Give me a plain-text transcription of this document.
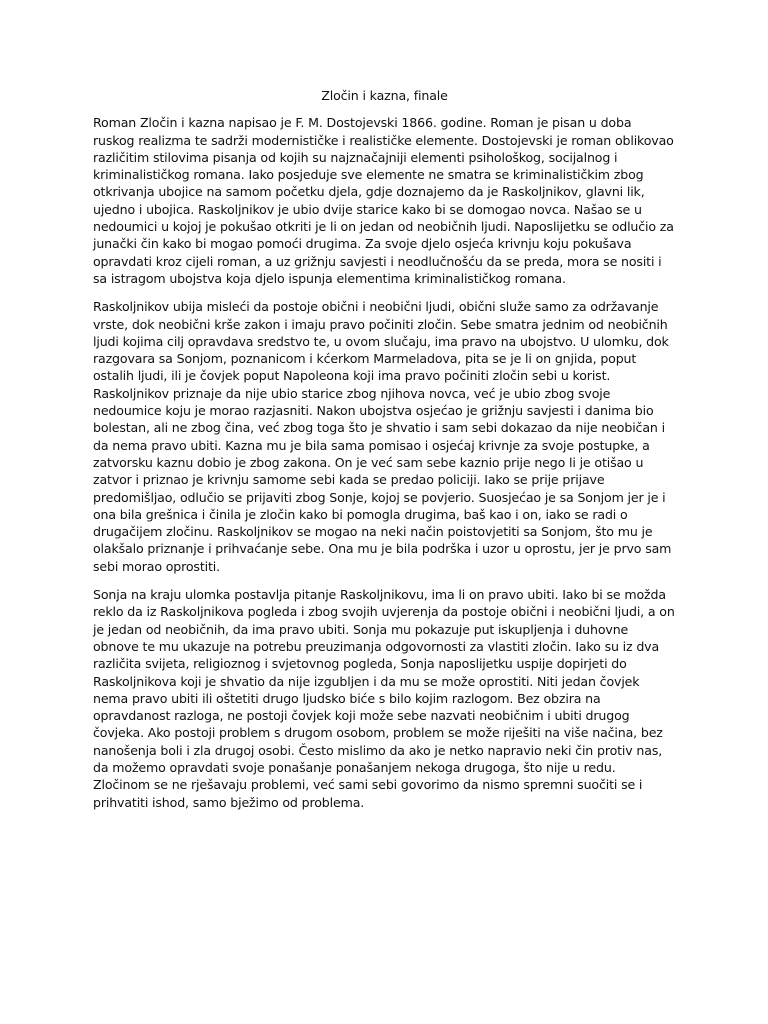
Zločin i kazna, finale

Roman Zločin i kazna napisao je F. M. Dostojevski 1866. godine. Roman je pisan u doba ruskog realizma te sadrži modernističke i realističke elemente. Dostojevski je roman oblikovao različitim stilovima pisanja od kojih su najznačajniji elementi psihološkog, socijalnog i kriminalističkog romana. Iako posjeduje sve elemente ne smatra se kriminalističkim zbog otkrivanja ubojice na samom početku djela, gdje doznajemo da je Raskoljnikov, glavni lik, ujedno i ubojica. Raskoljnikov je ubio dvije starice kako bi se domogao novca. Našao se u nedoumici u kojoj je pokušao otkriti je li on jedan od neobičnih ljudi. Naposlijetku se odlučio za junački čin kako bi mogao pomoći drugima. Za svoje djelo osjeća krivnju koju pokušava opravdati kroz cijeli roman, a uz grižnju savjesti i neodlučnošću da se preda, mora se nositi i sa istragom ubojstva koja djelo ispunja elementima kriminalističkog romana.

Raskoljnikov ubija misleći da postoje obični i neobični ljudi, obični služe samo za održavanje vrste, dok neobični krše zakon i imaju pravo počiniti zločin. Sebe smatra jednim od neobičnih ljudi kojima cilj opravdava sredstvo te, u ovom slučaju, ima pravo na ubojstvo. U ulomku, dok razgovara sa Sonjom, poznanicom i kćerkom Marmeladova, pita se je li on gnjida, poput ostalih ljudi, ili je čovjek poput Napoleona koji ima pravo počiniti zločin sebi u korist. Raskoljnikov priznaje da nije ubio starice zbog njihova novca, već je ubio zbog svoje nedoumice koju je morao razjasniti. Nakon ubojstva osjećao je grižnju savjesti i danima bio bolestan, ali ne zbog čina, već zbog toga što je shvatio i sam sebi dokazao da nije neobičan i da nema pravo ubiti. Kazna mu je bila sama pomisao i osjećaj krivnje za svoje postupke, a zatvorsku kaznu dobio je zbog zakona. On je već sam sebe kaznio prije nego li je otišao u zatvor i priznao je krivnju samome sebi kada se predao policiji. Iako se prije prijave predomišljao, odlučio se prijaviti zbog Sonje, kojoj se povjerio. Suosjećao je sa Sonjom jer je i ona bila grešnica i činila je zločin kako bi pomogla drugima, baš kao i on, iako se radi o drugačijem zločinu. Raskoljnikov se mogao na neki način poistovjetiti sa Sonjom, što mu je olakšalo priznanje i prihvaćanje sebe. Ona mu je bila podrška i uzor u oprostu, jer je prvo sam sebi morao oprostiti.

Sonja na kraju ulomka postavlja pitanje Raskoljnikovu, ima li on pravo ubiti. Iako bi se možda reklo da iz Raskoljnikova pogleda i zbog svojih uvjerenja da postoje obični i neobični ljudi, a on je jedan od neobičnih, da ima pravo ubiti. Sonja mu pokazuje put iskupljenja i duhovne obnove te mu ukazuje na potrebu preuzimanja odgovornosti za vlastiti zločin. Iako su iz dva različita svijeta, religioznog i svjetovnog pogleda, Sonja naposlijetku uspije dopirjeti do Raskoljnikova koji je shvatio da nije izgubljen i da mu se može oprostiti. Niti jedan čovjek nema pravo ubiti ili oštetiti drugo ljudsko biće s bilo kojim razlogom. Bez obzira na opravdanost razloga, ne postoji čovjek koji može sebe nazvati neobičnim i ubiti drugog čovjeka. Ako postoji problem s drugom osobom, problem se može riješiti na više načina, bez nanošenja boli i zla drugoj osobi. Često mislimo da ako je netko napravio neki čin protiv nas, da možemo opravdati svoje ponašanje ponašanjem nekoga drugoga, što nije u redu. Zločinom se ne rješavaju problemi, već sami sebi govorimo da nismo spremni suočiti se i prihvatiti ishod, samo bježimo od problema.
